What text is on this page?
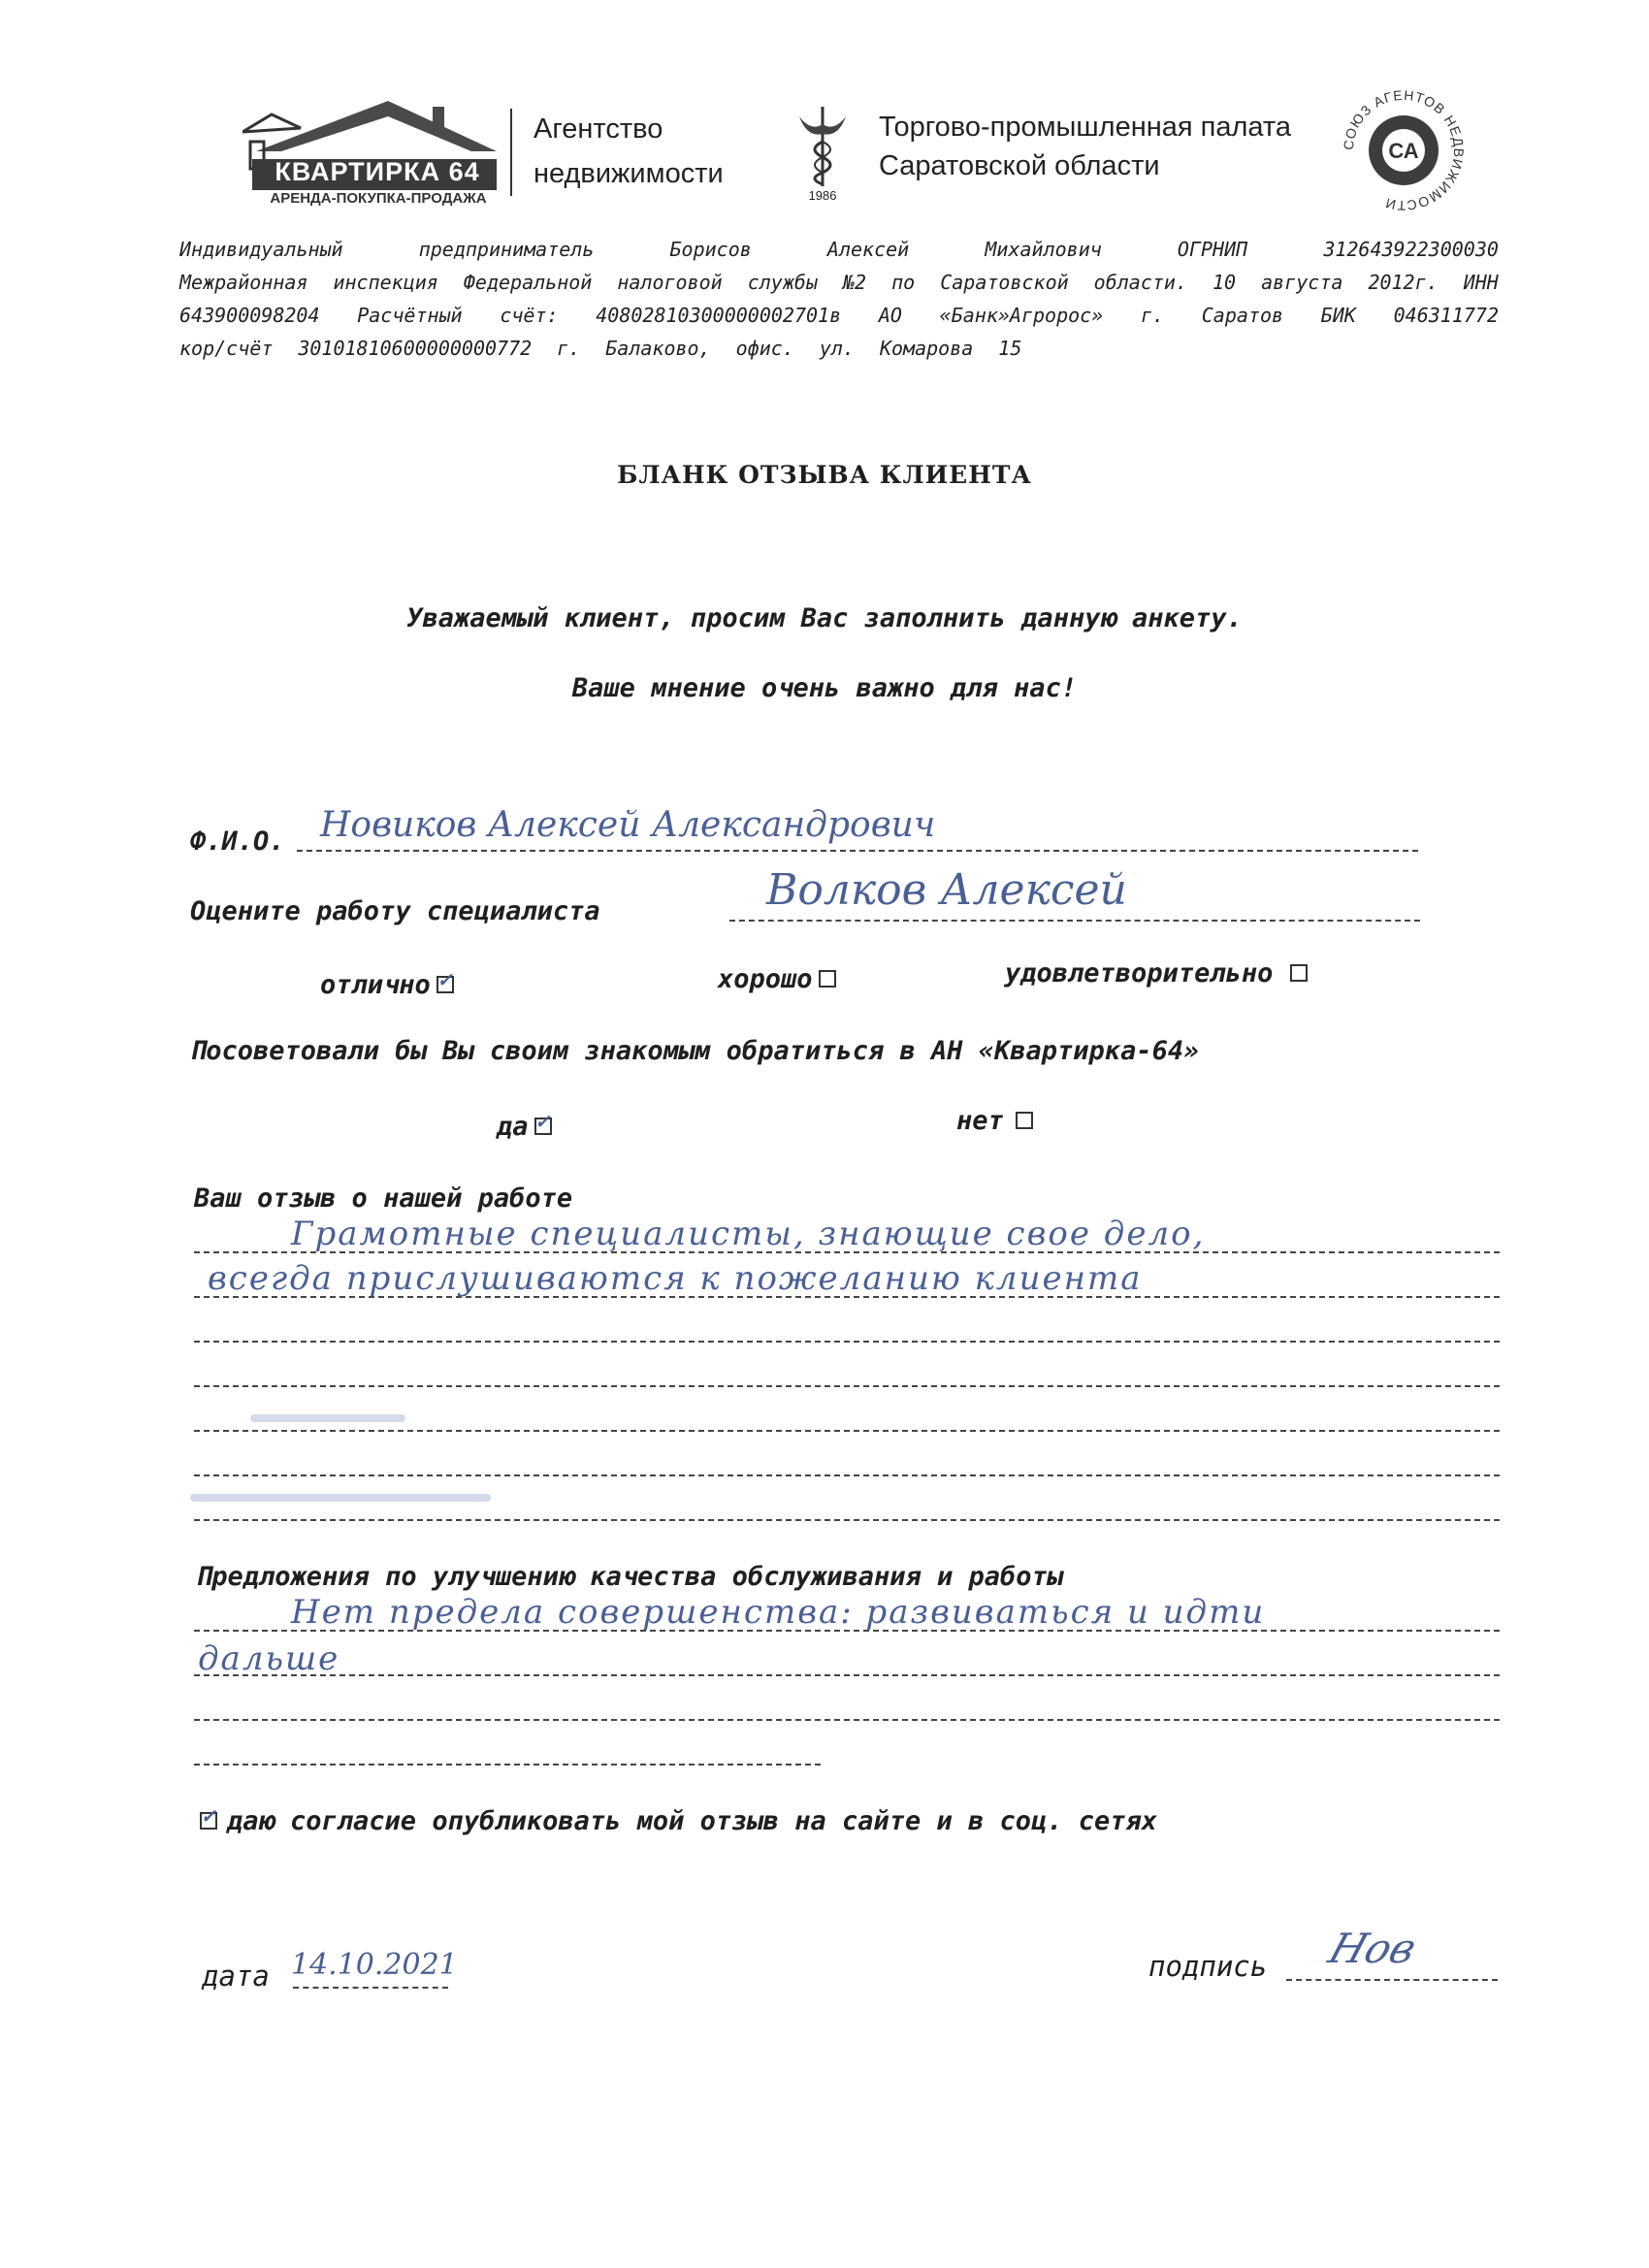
КВАРТИРКА 64
АРЕНДА-ПОКУПКА-ПРОДАЖА
Агентство
недвижимости
1986
Торгово-промышленная палата
Саратовской области
ОЮЗ АГЕНТОВ НЕ ИЖИМОСТИ
СА
Индивидуальный	предприниматель	Борисов	Алексей	Михайлович	ОГРНИП	312643922300030
Межрайонная инспекция Федеральной налоговой службы №2 по Саратовской области. 10 августа 2012г. ИНН
643900098204 Расчётный счёт: 40802810300000002701в АО «Банк»Агророс» г. Саратов БИК 046311772
кор/счёт 30101810600000000772 г. Балаково, офис. ул. Комарова 15
БЛАНК ОТЗЫВА КЛИЕНТА
Уважаемый клиент, просим Вас заполнить данную анкету.
Ваше мнение очень важно для нас!
Ф.И.О. Новиков Алексей Александрович
Оцените работу специалиста	Волков Алексей
отлично ✓	хорошо	удовлетворительно
Посоветовали бы Вы своим знакомым обратиться в АН «Квартирка-64»
да ✓	нет
Ваш отзыв о нашей работе
Грамотные специалисты, знающие свое дело,
всегда прислушиваются к пожеланию клиента
Предложения по улучшению качества обслуживания и работы
Нет предела совершенства: развиваться и идти
дальше
✓даю согласие опубликовать мой отзыв на сайте и в соц. сетях
дата 14.10.2021	подпись Нов
